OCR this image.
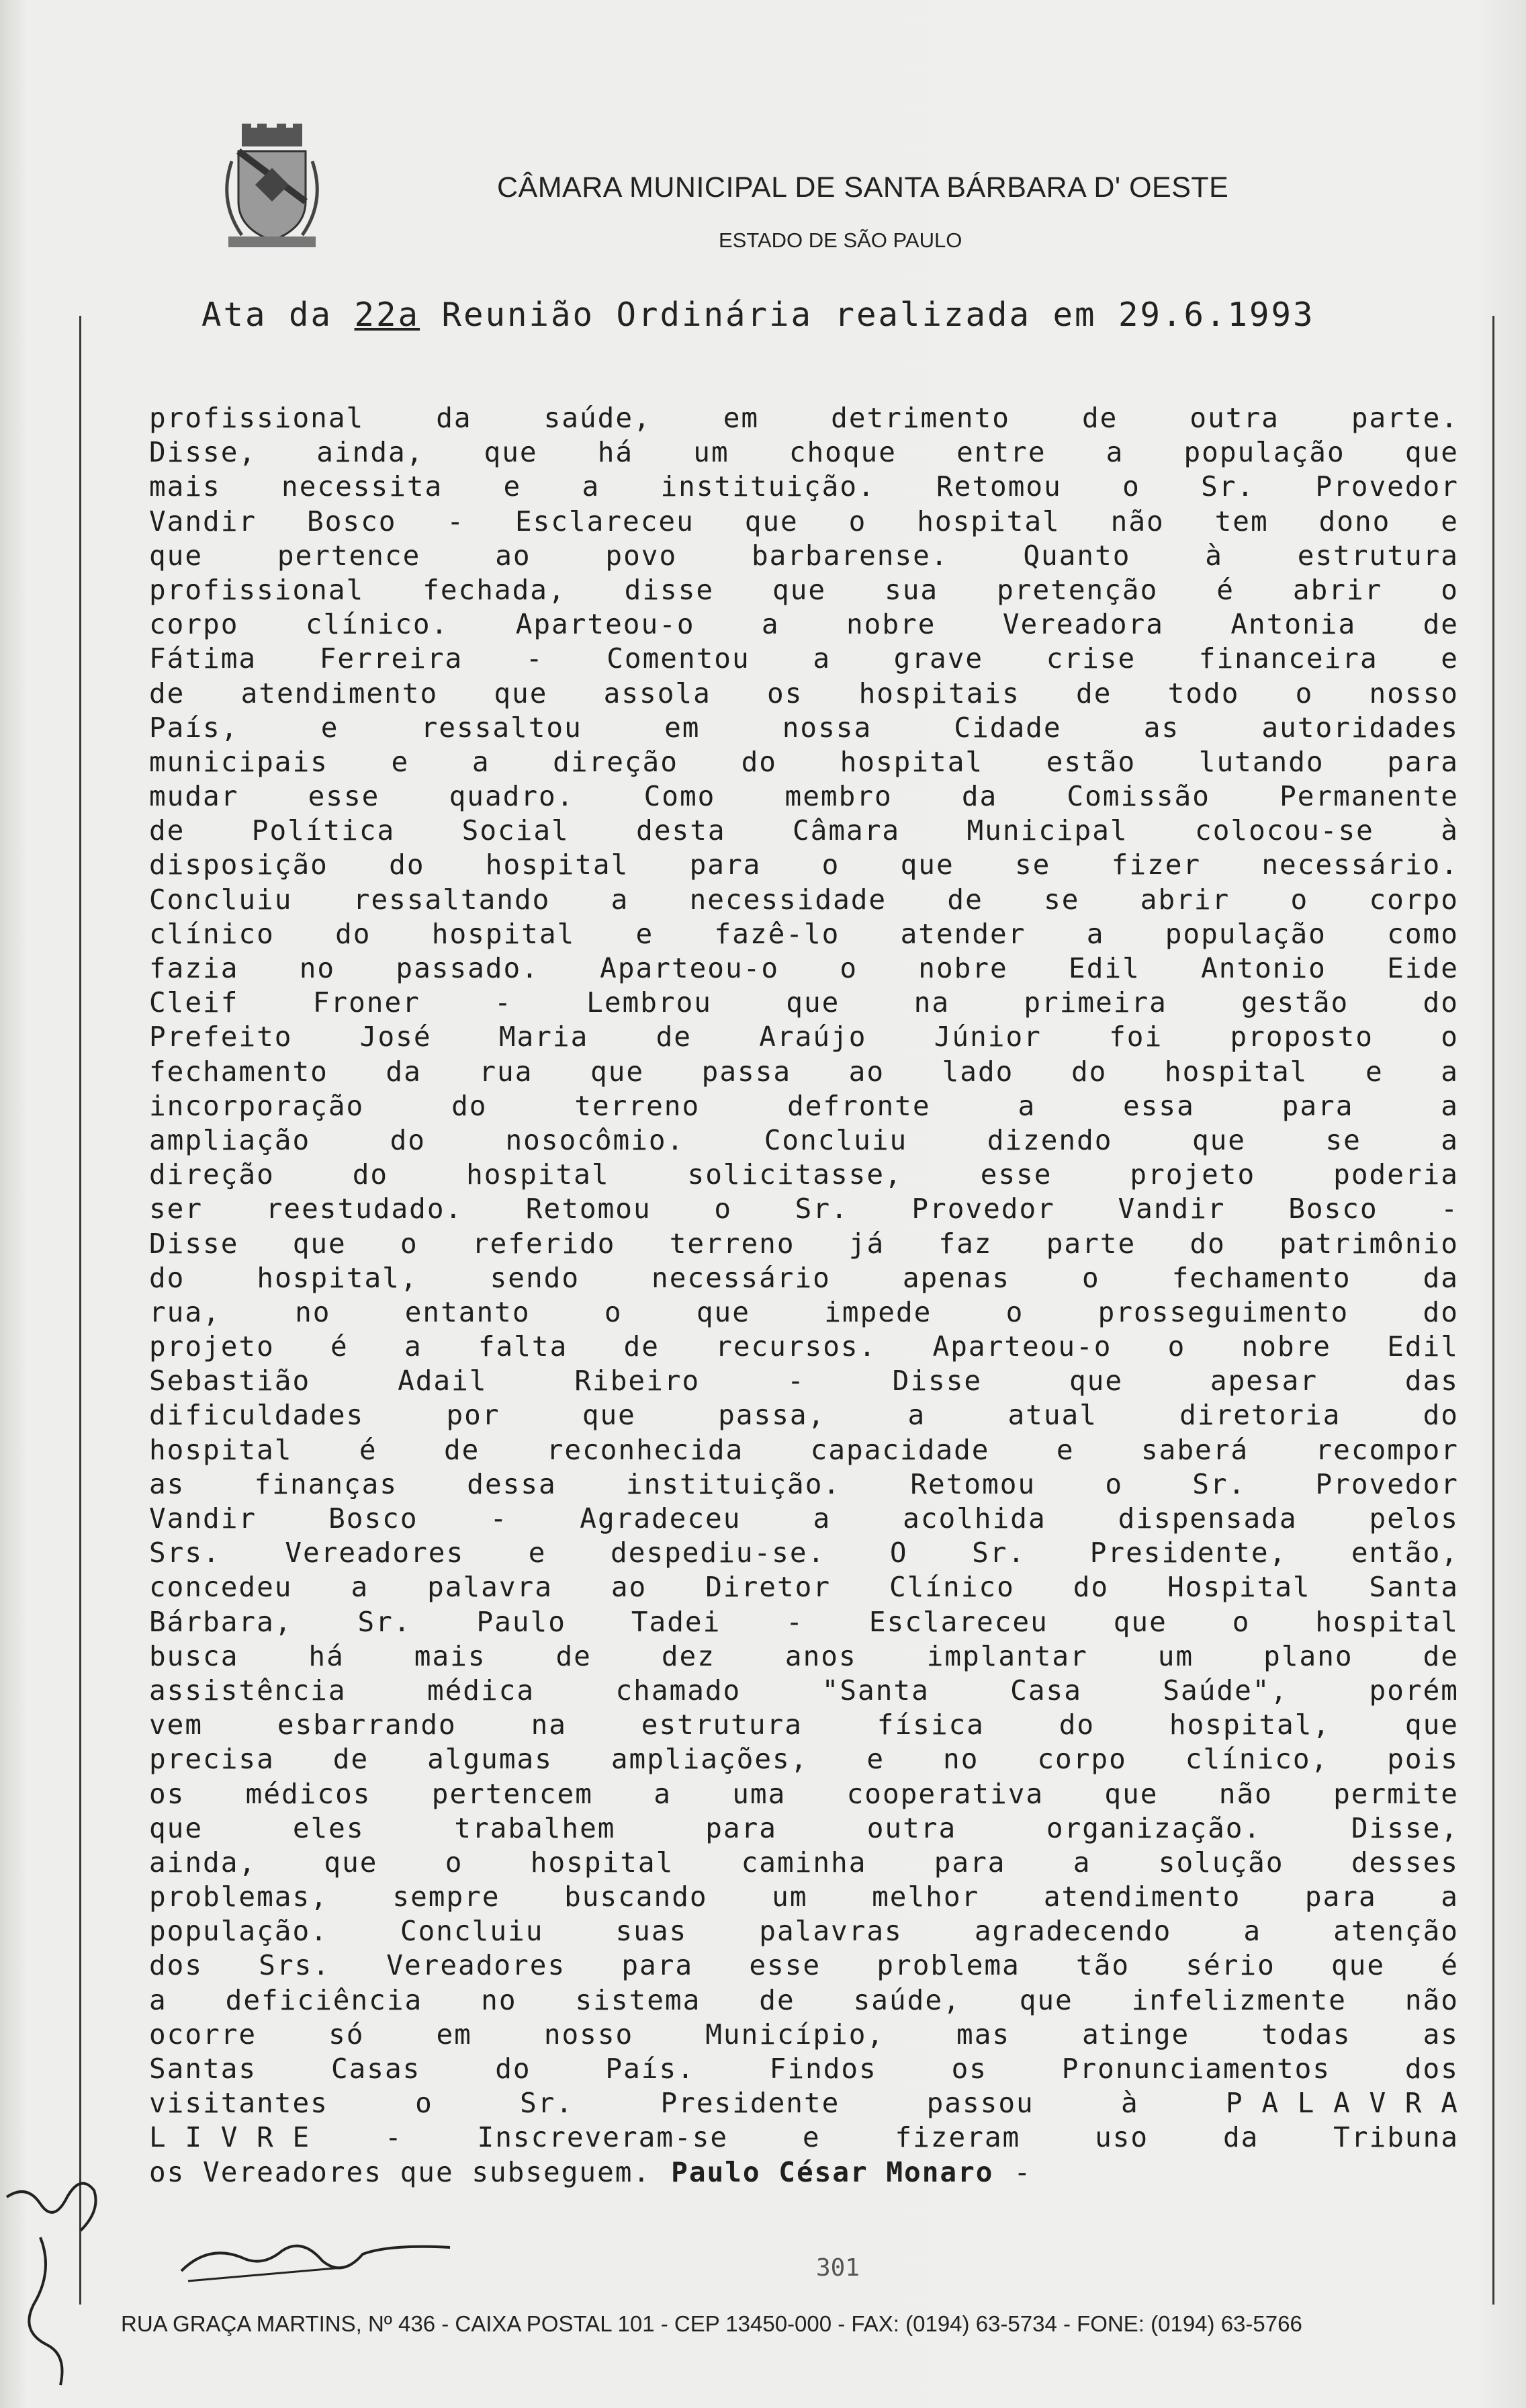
CÂMARA MUNICIPAL DE SANTA BÁRBARA D' OESTE
ESTADO DE SÃO PAULO
Ata da 22a Reunião Ordinária realizada em 29.6.1993
profissional	da	saúde,	em	detrimento	de	outra	parte.
Disse, ainda, que há um choque entre a população que
mais necessita e a instituição. Retomou o Sr. Provedor
Vandir Bosco - Esclareceu que o hospital não tem dono e
que	pertence	ao	povo	barbarense.	Quanto	à	estrutura
profissional fechada, disse que sua pretenção é abrir o
corpo clínico. Aparteou-o a nobre Vereadora Antonia de
Fátima Ferreira - Comentou a grave crise financeira e
de atendimento que assola os hospitais de todo o nosso
País,	e	ressaltou	em	nossa	Cidade	as	autoridades
municipais e a direção do hospital estão lutando para
mudar	esse	quadro.	Como	membro	da	Comissão	Permanente
de Política Social desta Câmara Municipal colocou-se à
disposição do hospital para o que se fizer necessário.
Concluiu ressaltando a necessidade de se abrir o corpo
clínico do hospital e fazê-lo atender a população como
fazia no passado. Aparteou-o o nobre Edil Antonio Eide
Cleif	Froner	-	Lembrou	que	na	primeira	gestão	do
Prefeito José Maria de Araújo Júnior foi proposto o
fechamento da rua que passa ao lado do hospital e a
incorporação	do	terreno	defronte	a	essa	para	a
ampliação	do	nosocômio.	Concluiu	dizendo	que	se	a
direção	do	hospital	solicitasse,	esse	projeto	poderia
ser reestudado. Retomou o Sr. Provedor Vandir Bosco -
Disse que o referido terreno já faz parte do patrimônio
do	hospital,	sendo	necessário	apenas	o	fechamento	da
rua,	no	entanto	o	que	impede	o	prosseguimento	do
projeto é a falta de recursos. Aparteou-o o nobre Edil
Sebastião	Adail	Ribeiro	-	Disse	que	apesar	das
dificuldades	por	que	passa,	a	atual	diretoria	do
hospital é de reconhecida capacidade e saberá recompor
as	finanças	dessa	instituição.	Retomou	o	Sr.	Provedor
Vandir	Bosco	-	Agradeceu	a	acolhida	dispensada	pelos
Srs. Vereadores e despediu-se. O Sr. Presidente, então,
concedeu a palavra ao Diretor Clínico do Hospital Santa
Bárbara, Sr. Paulo Tadei - Esclareceu que o hospital
busca	há	mais	de	dez	anos	implantar	um	plano	de
assistência	médica	chamado	"Santa	Casa	Saúde",	porém
vem	esbarrando	na	estrutura	física	do	hospital,	que
precisa de algumas ampliações, e no corpo clínico, pois
os médicos pertencem a uma cooperativa que não permite
que	eles	trabalhem	para	outra	organização.	Disse,
ainda, que o hospital caminha para a solução desses
problemas, sempre buscando um melhor atendimento para a
população.	Concluiu	suas	palavras	agradecendo	a	atenção
dos Srs. Vereadores para esse problema tão sério que é
a deficiência no sistema de saúde, que infelizmente não
ocorre	só	em	nosso	Município,	mas	atinge	todas	as
Santas	Casas	do	País.	Findos	os	Pronunciamentos	dos
visitantes	o	Sr.	Presidente	passou	à	P A L A V R A
L I V R E	-	Inscreveram-se	e	fizeram	uso	da	Tribuna
os Vereadores que subseguem. Paulo César Monaro -
301
RUA GRAÇA MARTINS, Nº 436 - CAIXA POSTAL 101 - CEP 13450-000 - FAX: (0194) 63-5734 - FONE: (0194) 63-5766
